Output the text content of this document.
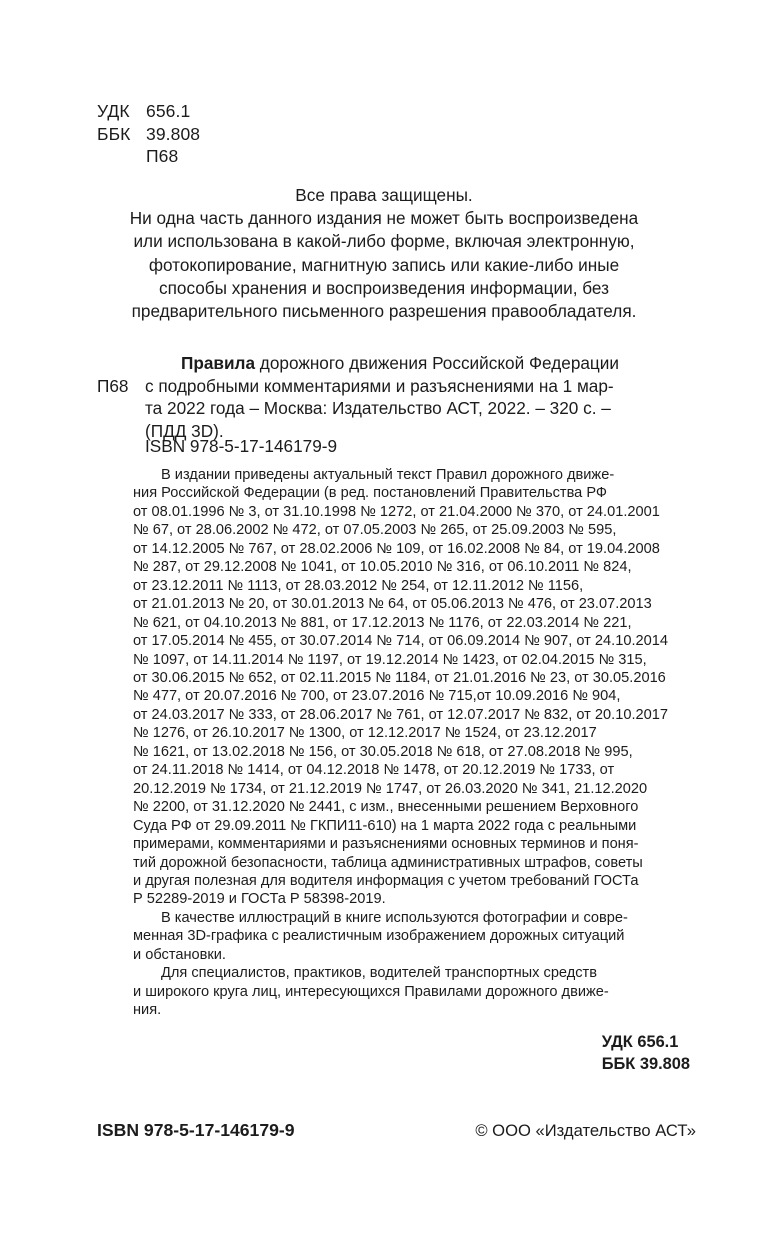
УДК 656.1
ББК 39.808
П68
Все права защищены.
Ни одна часть данного издания не может быть воспроизведена
или использована в какой-либо форме, включая электронную,
фотокопирование, магнитную запись или какие-либо иные
способы хранения и воспроизведения информации, без
предварительного письменного разрешения правообладателя.
П68
Правила дорожного движения Российской Федерации
с подробными комментариями и разъяснениями на 1 мар-
та 2022 года – Москва: Издательство АСТ, 2022. – 320 с. –
(ПДД 3D).
ISBN 978-5-17-146179-9

В издании приведены актуальный текст Правил дорожного движе-
ния Российской Федерации (в ред. постановлений Правительства РФ
от 08.01.1996 № 3, от 31.10.1998 № 1272, от 21.04.2000 № 370, от 24.01.2001
№ 67, от 28.06.2002 № 472, от 07.05.2003 № 265, от 25.09.2003 № 595,
от 14.12.2005 № 767, от 28.02.2006 № 109, от 16.02.2008 № 84, от 19.04.2008
№ 287, от 29.12.2008 № 1041, от 10.05.2010 № 316, от 06.10.2011 № 824,
от 23.12.2011 № 1113, от 28.03.2012 № 254, от 12.11.2012 № 1156,
от 21.01.2013 № 20, от 30.01.2013 № 64, от 05.06.2013 № 476, от 23.07.2013
№ 621, от 04.10.2013 № 881, от 17.12.2013 № 1176, от 22.03.2014 № 221,
от 17.05.2014 № 455, от 30.07.2014 № 714, от 06.09.2014 № 907, от 24.10.2014
№ 1097, от 14.11.2014 № 1197, от 19.12.2014 № 1423, от 02.04.2015 № 315,
от 30.06.2015 № 652, от 02.11.2015 № 1184, от 21.01.2016 № 23, от 30.05.2016
№ 477, от 20.07.2016 № 700, от 23.07.2016 № 715,от 10.09.2016 № 904,
от 24.03.2017 № 333, от 28.06.2017 № 761, от 12.07.2017 № 832, от 20.10.2017
№ 1276, от 26.10.2017 № 1300, от 12.12.2017 № 1524, от 23.12.2017
№ 1621, от 13.02.2018 № 156, от 30.05.2018 № 618, от 27.08.2018 № 995,
от 24.11.2018 № 1414, от 04.12.2018 № 1478, от 20.12.2019 № 1733, от
20.12.2019 № 1734, от 21.12.2019 № 1747, от 26.03.2020 № 341, 21.12.2020
№ 2200, от 31.12.2020 № 2441, с изм., внесенными решением Верховного
Суда РФ от 29.09.2011 № ГКПИ11-610) на 1 марта 2022 года с реальными
примерами, комментариями и разъяснениями основных терминов и поня-
тий дорожной безопасности, таблица административных штрафов, советы
и другая полезная для водителя информация с учетом требований ГОСТа
Р 52289-2019 и ГОСТа Р 58398-2019.

В качестве иллюстраций в книге используются фотографии и совре-
менная 3D-графика с реалистичным изображением дорожных ситуаций
и обстановки.

Для специалистов, практиков, водителей транспортных средств
и широкого круга лиц, интересующихся Правилами дорожного движе-
ния.

УДК 656.1
ББК 39.808
ISBN 978-5-17-146179-9	© ООО «Издательство АСТ»
